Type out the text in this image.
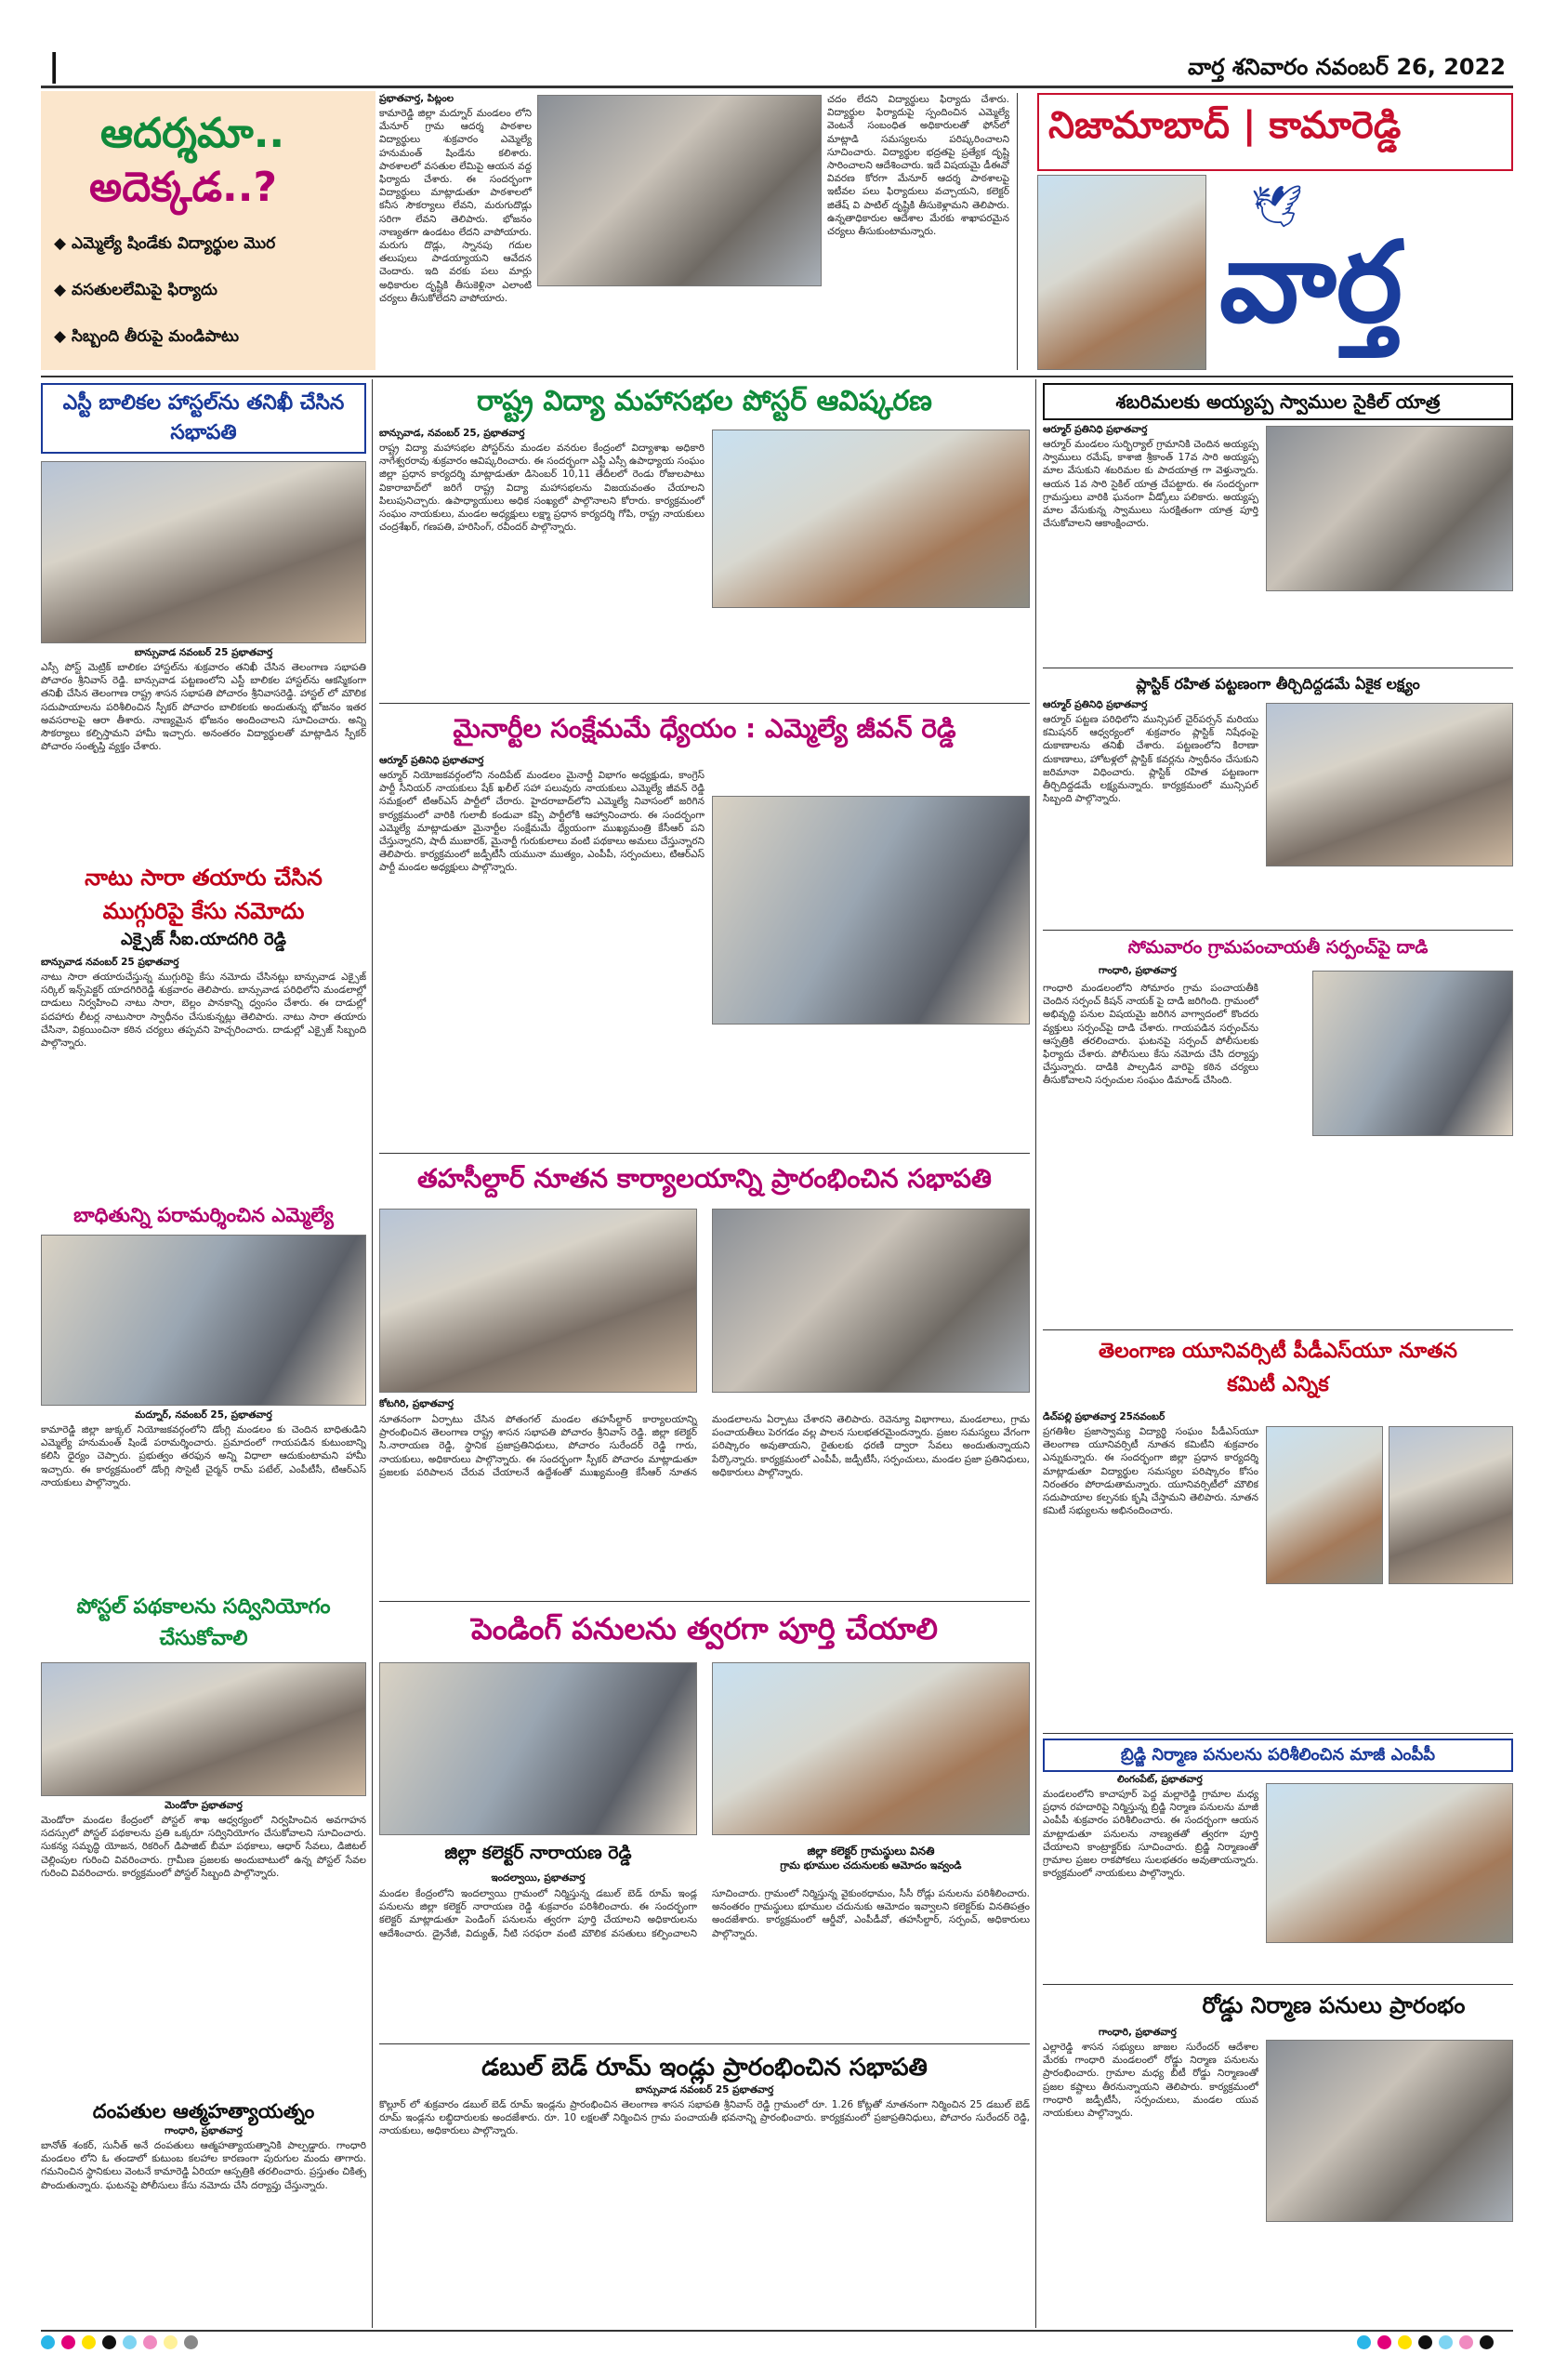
|	వార్త శనివారం నవంబర్ 26, 2022
ఆదర్శమా..
అదెక్కడ..?
◆ ఎమ్మెల్యే షిండేకు విద్యార్థుల మొర
◆ వసతులలేమిపై ఫిర్యాదు
◆ సిబ్బంది తీరుపై మండిపాటు
ప్రభాతవార్త, పిట్లంల
కామారెడ్డి జిల్లా మద్నూర్ మండలం లోని మేనూర్ గ్రామ ఆదర్శ పాఠశాల విద్యార్థులు శుక్రవారం ఎమ్మెల్యే హనుమంత్ షిండేను కలిశారు. పాఠశాలలో వసతుల లేమిపై ఆయన వద్ద ఫిర్యాదు చేశారు. ఈ సందర్భంగా విద్యార్థులు మాట్లాడుతూ పాఠశాలలో కనీస సౌకర్యాలు లేవని, మరుగుదొడ్లు సరిగా లేవని తెలిపారు. భోజనం నాణ్యతగా ఉండటం లేదని వాపోయారు. మరుగు దొడ్లు, స్నానపు గదుల తలుపులు పాడయ్యాయని ఆవేదన చెందారు. ఇది వరకు పలు మార్లు అధికారుల దృష్టికి తీసుకెళ్లినా ఎలాంటి చర్యలు తీసుకోలేదని వాపోయారు.
చదం లేదని విద్యార్థులు ఫిర్యాదు చేశారు. విద్యార్థుల ఫిర్యాదుపై స్పందించిన ఎమ్మెల్యే వెంటనే సంబంధిత అధికారులతో ఫోన్‌లో మాట్లాడి సమస్యలను పరిష్కరించాలని సూచించారు. విద్యార్థుల భద్రతపై ప్రత్యేక దృష్టి సారించాలని ఆదేశించారు. ఇదే విషయమై డీఈవో వివరణ కోరగా మేనూర్ ఆదర్శ పాఠశాలపై ఇటీవల పలు ఫిర్యాదులు వచ్చాయని, కలెక్టర్ జితేష్ వి పాటిల్ దృష్టికి తీసుకెళ్లామని తెలిపారు. ఉన్నతాధికారుల ఆదేశాల మేరకు శాఖాపరమైన చర్యలు తీసుకుంటామన్నారు.
నిజామాబాద్ | కామారెడ్డి
🕊
వార్త
ఎస్టీ బాలికల హాస్టల్‌ను తనిఖీ చేసిన సభాపతి
బాన్సువాడ నవంబర్ 25 ప్రభాతవార్త
ఎస్సీ పోస్ట్ మెట్రిక్ బాలికల హాస్టల్‌ను శుక్రవారం తనిఖీ చేసిన తెలంగాణ సభాపతి పోచారం శ్రీనివాస్ రెడ్డి. బాన్సువాడ పట్టణంలోని ఎస్టీ బాలికల హాస్టల్‌ను ఆకస్మికంగా తనిఖీ చేసిన తెలంగాణ రాష్ట్ర శాసన సభాపతి పోచారం శ్రీనివాసరెడ్డి. హాస్టల్ లో మౌలిక సదుపాయాలను పరిశీలించిన స్పీకర్ పోచారం బాలికలకు అందుతున్న భోజనం ఇతర అవసరాలపై ఆరా తీశారు. నాణ్యమైన భోజనం అందించాలని సూచించారు. అన్ని సౌకర్యాలు కల్పిస్తామని హామీ ఇచ్చారు. అనంతరం విద్యార్థులతో మాట్లాడిన స్పీకర్ పోచారం సంతృప్తి వ్యక్తం చేశారు.
నాటు సారా తయారు చేసిన ముగ్గురిపై కేసు నమోదు
ఎక్సైజ్ సీఐ.యాదగిరి రెడ్డి
బాన్సువాడ నవంబర్ 25 ప్రభాతవార్త
నాటు సారా తయారుచేస్తున్న ముగ్గురిపై కేసు నమోదు చేసినట్లు బాన్సువాడ ఎక్సైజ్ సర్కిల్ ఇన్స్‌పెక్టర్ యాదగిరిరెడ్డి శుక్రవారం తెలిపారు. బాన్సువాడ పరిధిలోని మండలాల్లో దాడులు నిర్వహించి నాటు సారా, బెల్లం పానకాన్ని ధ్వంసం చేశారు. ఈ దాడుల్లో పదహారు లీటర్ల నాటుసారా స్వాధీనం చేసుకున్నట్లు తెలిపారు. నాటు సారా తయారు చేసినా, విక్రయించినా కఠిన చర్యలు తప్పవని హెచ్చరించారు. దాడుల్లో ఎక్సైజ్ సిబ్బంది పాల్గొన్నారు.
బాధితున్ని పరామర్శించిన ఎమ్మెల్యే
మద్నూర్, నవంబర్ 25, ప్రభాతవార్త
కామారెడ్డి జిల్లా జుక్కల్ నియోజకవర్గంలోని డోంగ్లి మండలం కు చెందిన బాధితుడిని ఎమ్మెల్యే హనుమంత్ షిండే పరామర్శించారు. ప్రమాదంలో గాయపడిన కుటుంబాన్ని కలిసి ధైర్యం చెప్పారు. ప్రభుత్వం తరఫున అన్ని విధాలా ఆదుకుంటామని హామీ ఇచ్చారు. ఈ కార్యక్రమంలో డోంగ్లి సొసైటీ చైర్మన్ రామ్ పటేల్, ఎంపీటీసీ, టిఆర్ఎస్ నాయకులు పాల్గొన్నారు.
పోస్టల్ పథకాలను సద్వినియోగం చేసుకోవాలి
మెండోరా ప్రభాతవార్త
మెండోరా మండల కేంద్రంలో పోస్టల్ శాఖ ఆధ్వర్యంలో నిర్వహించిన అవగాహన సదస్సులో పోస్టల్ పథకాలను ప్రతి ఒక్కరూ సద్వినియోగం చేసుకోవాలని సూచించారు. సుకన్య సమృద్ధి యోజన, రికరింగ్ డిపాజిట్ బీమా పథకాలు, ఆధార్ సేవలు, డిజిటల్ చెల్లింపుల గురించి వివరించారు. గ్రామీణ ప్రజలకు అందుబాటులో ఉన్న పోస్టల్ సేవల గురించి వివరించారు. కార్యక్రమంలో పోస్టల్ సిబ్బంది పాల్గొన్నారు.
దంపతుల ఆత్మహత్యాయత్నం
గాంధారి, ప్రభాతవార్త
బానోత్ శంకర్, సునీత్ అనే దంపతులు ఆత్మహత్యాయత్నానికి పాల్పడ్డారు. గాంధారి మండలం లోని ఓ తండాలో కుటుంబ కలహాల కారణంగా పురుగుల మందు తాగారు. గమనించిన స్థానికులు వెంటనే కామారెడ్డి ఏరియా ఆస్పత్రికి తరలించారు. ప్రస్తుతం చికిత్స పొందుతున్నారు. ఘటనపై పోలీసులు కేసు నమోదు చేసి దర్యాప్తు చేస్తున్నారు.
రాష్ట్ర విద్యా మహాసభల పోస్టర్ ఆవిష్కరణ
బాన్సువాడ, నవంబర్ 25, ప్రభాతవార్త
రాష్ట్ర విద్యా మహాసభల పోస్టర్‌ను మండల వనరుల కేంద్రంలో విద్యాశాఖ అధికారి నాగేశ్వరరావు శుక్రవారం ఆవిష్కరించారు. ఈ సందర్భంగా ఎస్టీ ఎస్సీ ఉపాధ్యాయ సంఘం జిల్లా ప్రధాన కార్యదర్శి మాట్లాడుతూ డిసెంబర్ 10,11 తేదీలలో రెండు రోజులపాటు వికారాబాద్‌లో జరిగే రాష్ట్ర విద్యా మహాసభలను విజయవంతం చేయాలని పిలుపునిచ్చారు. ఉపాధ్యాయులు అధిక సంఖ్యలో పాల్గొనాలని కోరారు. కార్యక్రమంలో సంఘం నాయకులు, మండల అధ్యక్షులు లక్ష్మా ప్రధాన కార్యదర్శి గోపి, రాష్ట్ర నాయకులు చంద్రశేఖర్, గణపతి, హరిసింగ్, రవీందర్ పాల్గొన్నారు.
మైనార్టీల సంక్షేమమే ధ్యేయం : ఎమ్మెల్యే జీవన్ రెడ్డి
ఆర్మూర్ ప్రతినిధి ప్రభాతవార్త
ఆర్మూర్ నియోజకవర్గంలోని నందిపేట్ మండలం మైనార్టీ విభాగం అధ్యక్షుడు, కాంగ్రెస్ పార్టీ సీనియర్ నాయకులు షేక్ ఖలీల్ సహా పలువురు నాయకులు ఎమ్మెల్యే జీవన్ రెడ్డి సమక్షంలో టిఆర్ఎస్ పార్టీలో చేరారు. హైదరాబాద్‌లోని ఎమ్మెల్యే నివాసంలో జరిగిన కార్యక్రమంలో వారికి గులాబీ కండువా కప్పి పార్టీలోకి ఆహ్వానించారు. ఈ సందర్భంగా ఎమ్మెల్యే మాట్లాడుతూ మైనార్టీల సంక్షేమమే ధ్యేయంగా ముఖ్యమంత్రి కేసీఆర్ పని చేస్తున్నారని, షాదీ ముబారక్, మైనార్టీ గురుకులాలు వంటి పథకాలు అమలు చేస్తున్నారని తెలిపారు. కార్యక్రమంలో జడ్పీటీసీ యమునా ముత్యం, ఎంపీపీ, సర్పంచులు, టిఆర్ఎస్ పార్టీ మండల అధ్యక్షులు పాల్గొన్నారు.
తహసీల్దార్ నూతన కార్యాలయాన్ని ప్రారంభించిన సభాపతి
కోటగిరి, ప్రభాతవార్త
నూతనంగా ఏర్పాటు చేసిన పోతంగల్ మండల తహసీల్దార్ కార్యాలయాన్ని ప్రారంభించిన తెలంగాణ రాష్ట్ర శాసన సభాపతి పోచారం శ్రీనివాస్ రెడ్డి. జిల్లా కలెక్టర్ సి.నారాయణ రెడ్డి, స్థానిక ప్రజాప్రతినిధులు, పోచారం సురేందర్ రెడ్డి గారు, నాయకులు, అధికారులు పాల్గొన్నారు. ఈ సందర్భంగా స్పీకర్ పోచారం మాట్లాడుతూ ప్రజలకు పరిపాలన చేరువ చేయాలనే ఉద్దేశంతో ముఖ్యమంత్రి కేసీఆర్ నూతన మండలాలను ఏర్పాటు చేశారని తెలిపారు. రెవెన్యూ విభాగాలు, మండలాలు, గ్రామ పంచాయతీలు పెరగడం వల్ల పాలన సులభతరమైందన్నారు. ప్రజల సమస్యలు వేగంగా పరిష్కారం అవుతాయని, రైతులకు ధరణి ద్వారా సేవలు అందుతున్నాయని పేర్కొన్నారు. కార్యక్రమంలో ఎంపీపీ, జడ్పీటీసీ, సర్పంచులు, మండల ప్రజా ప్రతినిధులు, అధికారులు పాల్గొన్నారు.
పెండింగ్ పనులను త్వరగా పూర్తి చేయాలి
జిల్లా కలెక్టర్ నారాయణ రెడ్డి	జిల్లా కలెక్టర్ గ్రామస్థులు వినతి
గ్రామ భూముల చదునులకు ఆమోదం ఇవ్వండి
ఇందల్వాయి, ప్రభాతవార్త
మండల కేంద్రంలోని ఇందల్వాయి గ్రామంలో నిర్మిస్తున్న డబుల్ బెడ్ రూమ్ ఇండ్ల పనులను జిల్లా కలెక్టర్ నారాయణ రెడ్డి శుక్రవారం పరిశీలించారు. ఈ సందర్భంగా కలెక్టర్ మాట్లాడుతూ పెండింగ్ పనులను త్వరగా పూర్తి చేయాలని అధికారులను ఆదేశించారు. డ్రైనేజీ, విద్యుత్, నీటి సరఫరా వంటి మౌలిక వసతులు కల్పించాలని సూచించారు. గ్రామంలో నిర్మిస్తున్న వైకుంఠధామం, సీసీ రోడ్లు పనులను పరిశీలించారు. అనంతరం గ్రామస్థులు భూముల చదునుకు ఆమోదం ఇవ్వాలని కలెక్టర్‌కు వినతిపత్రం అందజేశారు. కార్యక్రమంలో ఆర్డీవో, ఎంపీడీవో, తహసీల్దార్, సర్పంచ్, అధికారులు పాల్గొన్నారు.
డబుల్ బెడ్ రూమ్ ఇండ్లు ప్రారంభించిన సభాపతి
బాన్సువాడ నవంబర్ 25 ప్రభాతవార్త
కొల్లూర్ లో శుక్రవారం డబుల్ బెడ్ రూమ్ ఇండ్లను ప్రారంభించిన తెలంగాణ శాసన సభాపతి శ్రీనివాస్ రెడ్డి గ్రామంలో రూ. 1.26 కోట్లతో నూతనంగా నిర్మించిన 25 డబుల్ బెడ్ రూమ్ ఇండ్లను లబ్ధిదారులకు అందజేశారు. రూ. 10 లక్షలతో నిర్మించిన గ్రామ పంచాయతీ భవనాన్ని ప్రారంభించారు. కార్యక్రమంలో ప్రజాప్రతినిధులు, పోచారం సురేందర్ రెడ్డి, నాయకులు, అధికారులు పాల్గొన్నారు.
శబరిమలకు అయ్యప్ప స్వాముల సైకిల్ యాత్ర
ఆర్మూర్ ప్రతినిధి ప్రభాతవార్త
ఆర్మూర్ మండలం సుర్భిర్యాల్ గ్రామానికి చెందిన అయ్యప్ప స్వాములు రమేష్, కాశాజి శ్రీకాంత్ 17వ సారి అయ్యప్ప మాల వేసుకుని శబరిమల కు పాదయాత్ర గా వెళ్తున్నారు. ఆయన 1వ సారి సైకిల్ యాత్ర చేపట్టారు. ఈ సందర్భంగా గ్రామస్తులు వారికి ఘనంగా వీడ్కోలు పలికారు. అయ్యప్ప మాల వేసుకున్న స్వాములు సురక్షితంగా యాత్ర పూర్తి చేసుకోవాలని ఆకాంక్షించారు.
ప్లాస్టిక్ రహిత పట్టణంగా తీర్చిదిద్దడమే ఏకైక లక్ష్యం
ఆర్మూర్ ప్రతినిధి ప్రభాతవార్త
ఆర్మూర్ పట్టణ పరిధిలోని మున్సిపల్ చైర్‌పర్సన్ మరియు కమిషనర్ ఆధ్వర్యంలో శుక్రవారం ప్లాస్టిక్ నిషేధంపై దుకాణాలను తనిఖీ చేశారు. పట్టణంలోని కిరాణా దుకాణాలు, హోటళ్లలో ప్లాస్టిక్ కవర్లను స్వాధీనం చేసుకుని జరిమానా విధించారు. ప్లాస్టిక్ రహిత పట్టణంగా తీర్చిదిద్దడమే లక్ష్యమన్నారు. కార్యక్రమంలో మున్సిపల్ సిబ్బంది పాల్గొన్నారు.
సోమవారం గ్రామపంచాయతీ సర్పంచ్‌పై దాడి
గాంధారి, ప్రభాతవార్త
గాంధారి మండలంలోని సోమారం గ్రామ పంచాయతీకి చెందిన సర్పంచ్ కిషన్ నాయక్ పై దాడి జరిగింది. గ్రామంలో అభివృద్ధి పనుల విషయమై జరిగిన వాగ్వాదంలో కొందరు వ్యక్తులు సర్పంచ్‌పై దాడి చేశారు. గాయపడిన సర్పంచ్‌ను ఆస్పత్రికి తరలించారు. ఘటనపై సర్పంచ్ పోలీసులకు ఫిర్యాదు చేశారు. పోలీసులు కేసు నమోదు చేసి దర్యాప్తు చేస్తున్నారు. దాడికి పాల్పడిన వారిపై కఠిన చర్యలు తీసుకోవాలని సర్పంచుల సంఘం డిమాండ్ చేసింది.
తెలంగాణ యూనివర్సిటీ పీడీఎస్‌యూ నూతన కమిటీ ఎన్నిక
డిచ్‌పల్లి ప్రభాతవార్త 25నవంబర్
ప్రగతిశీల ప్రజాస్వామ్య విద్యార్థి సంఘం పీడీఎస్‌యూ తెలంగాణ యూనివర్సిటీ నూతన కమిటీని శుక్రవారం ఎన్నుకున్నారు. ఈ సందర్భంగా జిల్లా ప్రధాన కార్యదర్శి మాట్లాడుతూ విద్యార్థుల సమస్యల పరిష్కారం కోసం నిరంతరం పోరాడుతామన్నారు. యూనివర్సిటీలో మౌలిక సదుపాయాల కల్పనకు కృషి చేస్తామని తెలిపారు. నూతన కమిటీ సభ్యులను అభినందించారు.
బ్రిడ్జి నిర్మాణ పనులను పరిశీలించిన మాజీ ఎంపీపీ
లింగంపేట్, ప్రభాతవార్త
మండలంలోని కాచాపూర్ పెద్ద మల్లారెడ్డి గ్రామాల మధ్య ప్రధాన రహదారిపై నిర్మిస్తున్న బ్రిడ్జి నిర్మాణ పనులను మాజీ ఎంపీపీ శుక్రవారం పరిశీలించారు. ఈ సందర్భంగా ఆయన మాట్లాడుతూ పనులను నాణ్యతతో త్వరగా పూర్తి చేయాలని కాంట్రాక్టర్‌కు సూచించారు. బ్రిడ్జి నిర్మాణంతో గ్రామాల ప్రజల రాకపోకలు సులభతరం అవుతాయన్నారు. కార్యక్రమంలో నాయకులు పాల్గొన్నారు.
రోడ్డు నిర్మాణ పనులు ప్రారంభం
గాంధారి, ప్రభాతవార్త
ఎల్లారెడ్డి శాసన సభ్యులు జాజల సురేందర్ ఆదేశాల మేరకు గాంధారి మండలంలో రోడ్డు నిర్మాణ పనులను ప్రారంభించారు. గ్రామాల మధ్య బీటీ రోడ్డు నిర్మాణంతో ప్రజల కష్టాలు తీరనున్నాయని తెలిపారు. కార్యక్రమంలో గాంధారి జడ్పీటీసీ, సర్పంచులు, మండల యువ నాయకులు పాల్గొన్నారు.
